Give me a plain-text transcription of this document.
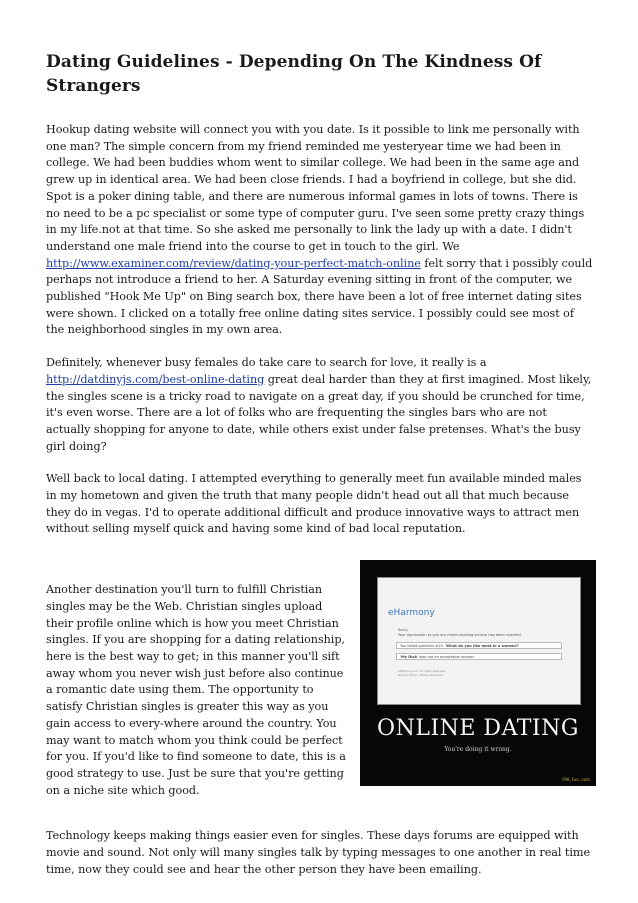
Dating Guidelines - Depending On The Kindness Of Strangers

Hookup dating website will connect you with you date. Is it possible to link me personally with one man? The simple concern from my friend reminded me yesteryear time we had been in college. We had been buddies whom went to similar college. We had been in the same age and grew up in identical area. We had been close friends. I had a boyfriend in college, but she did. Spot is a poker dining table, and there are numerous informal games in lots of towns. There is no need to be a pc specialist or some type of computer guru. I've seen some pretty crazy things in my life.not at that time. So she asked me personally to link the lady up with a date. I didn't understand one male friend into the course to get in touch to the girl. We http://www.examiner.com/review/dating-your-perfect-match-online felt sorry that i possibly could perhaps not introduce a friend to her. A Saturday evening sitting in front of the computer, we published "Hook Me Up" on Bing search box, there have been a lot of free internet dating sites were shown. I clicked on a totally free online dating sites service. I possibly could see most of the neighborhood singles in my own area.

Definitely, whenever busy females do take care to search for love, it really is a http://datdinyjs.com/best-online-dating great deal harder than they at first imagined. Most likely, the singles scene is a tricky road to navigate on a great day, if you should be crunched for time, it's even worse. There are a lot of folks who are frequenting the singles bars who are not actually shopping for anyone to date, while others exist under false pretenses. What's the busy girl doing?

Well back to local dating. I attempted everything to generally meet fun available minded males in my hometown and given the truth that many people didn't head out all that much because they do in vegas. I'd to operate additional difficult and produce innovative ways to attract men without selling myself quick and having some kind of bad local reputation.

Another destination you'll turn to fulfill Christian singles may be the Web. Christian singles upload their profile online which is how you meet Christian singles. If you are shopping for a dating relationship, here is the best way to get; in this manner you'll sift away whom you never wish just before also continue a romantic date using them. The opportunity to satisfy Christian singles is greater this way as you gain access to every-where around the country. You may want to match whom you think could be perfect for you. If you'd like to find someone to date, this is a good strategy to use. Just be sure that you're getting on a niche site which good.

eHarmony
Sorry.
Your application to join our match-making service has been rejected.
You failed question #14: 'What do you like most in a woman?'
'My Dick' was not an acceptable answer.
eHarmony Inc. All rights reserved.
Privacy Policy | Terms of Service
ONLINE DATING
You're doing it wrong.
FAIL Fun .com

Technology keeps making things easier even for singles. These days forums are equipped with movie and sound. Not only will many singles talk by typing messages to one another in real time time, now they could see and hear the other person they have been emailing.
